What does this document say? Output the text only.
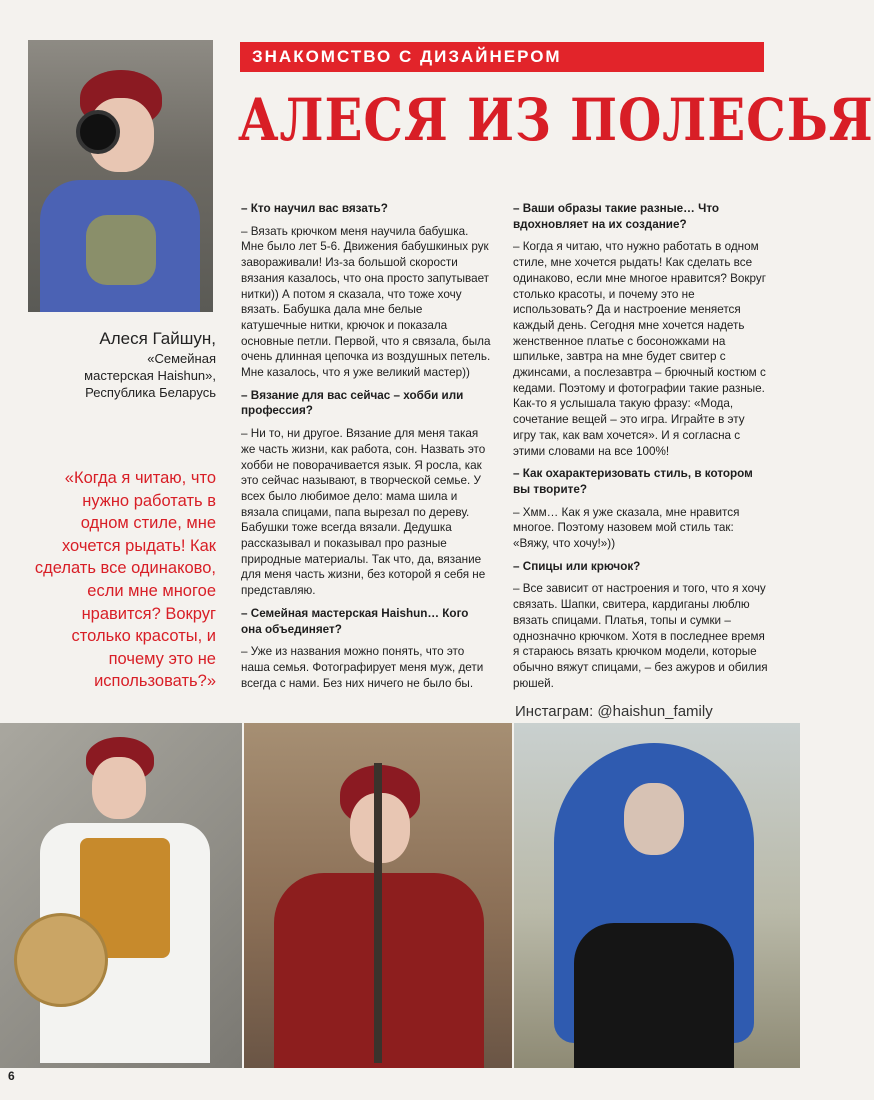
ЗНАКОМСТВО С ДИЗАЙНЕРОМ
АЛЕСЯ ИЗ ПОЛЕСЬЯ
Алеся Гайшун,
«Семейная
мастерская Haishun»,
Республика Беларусь
«Когда я читаю, что нужно работать в одном стиле, мне хочется рыдать! Как сделать все одинаково, если мне многое нравится? Вокруг столько красоты, и почему это не использовать?»

– Кто научил вас вязать?

– Вязать крючком меня научила бабушка. Мне было лет 5-6. Движения бабушкиных рук завораживали! Из-за большой скорости вязания казалось, что она просто запутывает нитки)) А потом я сказала, что тоже хочу вязать. Бабушка дала мне белые катушечные нитки, крючок и показала основные петли. Первой, что я связала, была очень длинная цепочка из воздушных петель. Мне казалось, что я уже великий мастер))

– Вязание для вас сейчас – хобби или профессия?

– Ни то, ни другое. Вязание для меня такая же часть жизни, как работа, сон. Назвать это хобби не поворачивается язык. Я росла, как это сейчас называют, в творческой семье. У всех было любимое дело: мама шила и вязала спицами, папа вырезал по дереву. Бабушки тоже всегда вязали. Дедушка рассказывал и показывал про разные природные материалы. Так что, да, вязание для меня часть жизни, без которой я себя не представляю.

– Семейная мастерская Haishun… Кого она объединяет?

– Уже из названия можно понять, что это наша семья. Фотографирует меня муж, дети всегда с нами. Без них ничего не было бы.

– Ваши образы такие разные… Что вдохновляет на их создание?

– Когда я читаю, что нужно работать в одном стиле, мне хочется рыдать! Как сделать все одинаково, если мне многое нравится? Вокруг столько красоты, и почему это не использовать? Да и настроение меняется каждый день. Сегодня мне хочется надеть женственное платье с босоножками на шпильке, завтра на мне будет свитер с джинсами, а послезавтра – брючный костюм с кедами. Поэтому и фотографии такие разные. Как-то я услышала такую фразу: «Мода, сочетание вещей – это игра. Играйте в эту игру так, как вам хочется». И я согласна с этими словами на все 100%!

– Как охарактеризовать стиль, в котором вы творите?

– Хмм… Как я уже сказала, мне нравится многое. Поэтому назовем мой стиль так: «Вяжу, что хочу!»))

– Спицы или крючок?

– Все зависит от настроения и того, что я хочу связать. Шапки, свитера, кардиганы люблю вязать спицами. Платья, топы и сумки – однозначно крючком. Хотя в последнее время я стараюсь вязать крючком модели, которые обычно вяжут спицами, – без ажуров и обилия рюшей.

Инстаграм: @haishun_family
6
